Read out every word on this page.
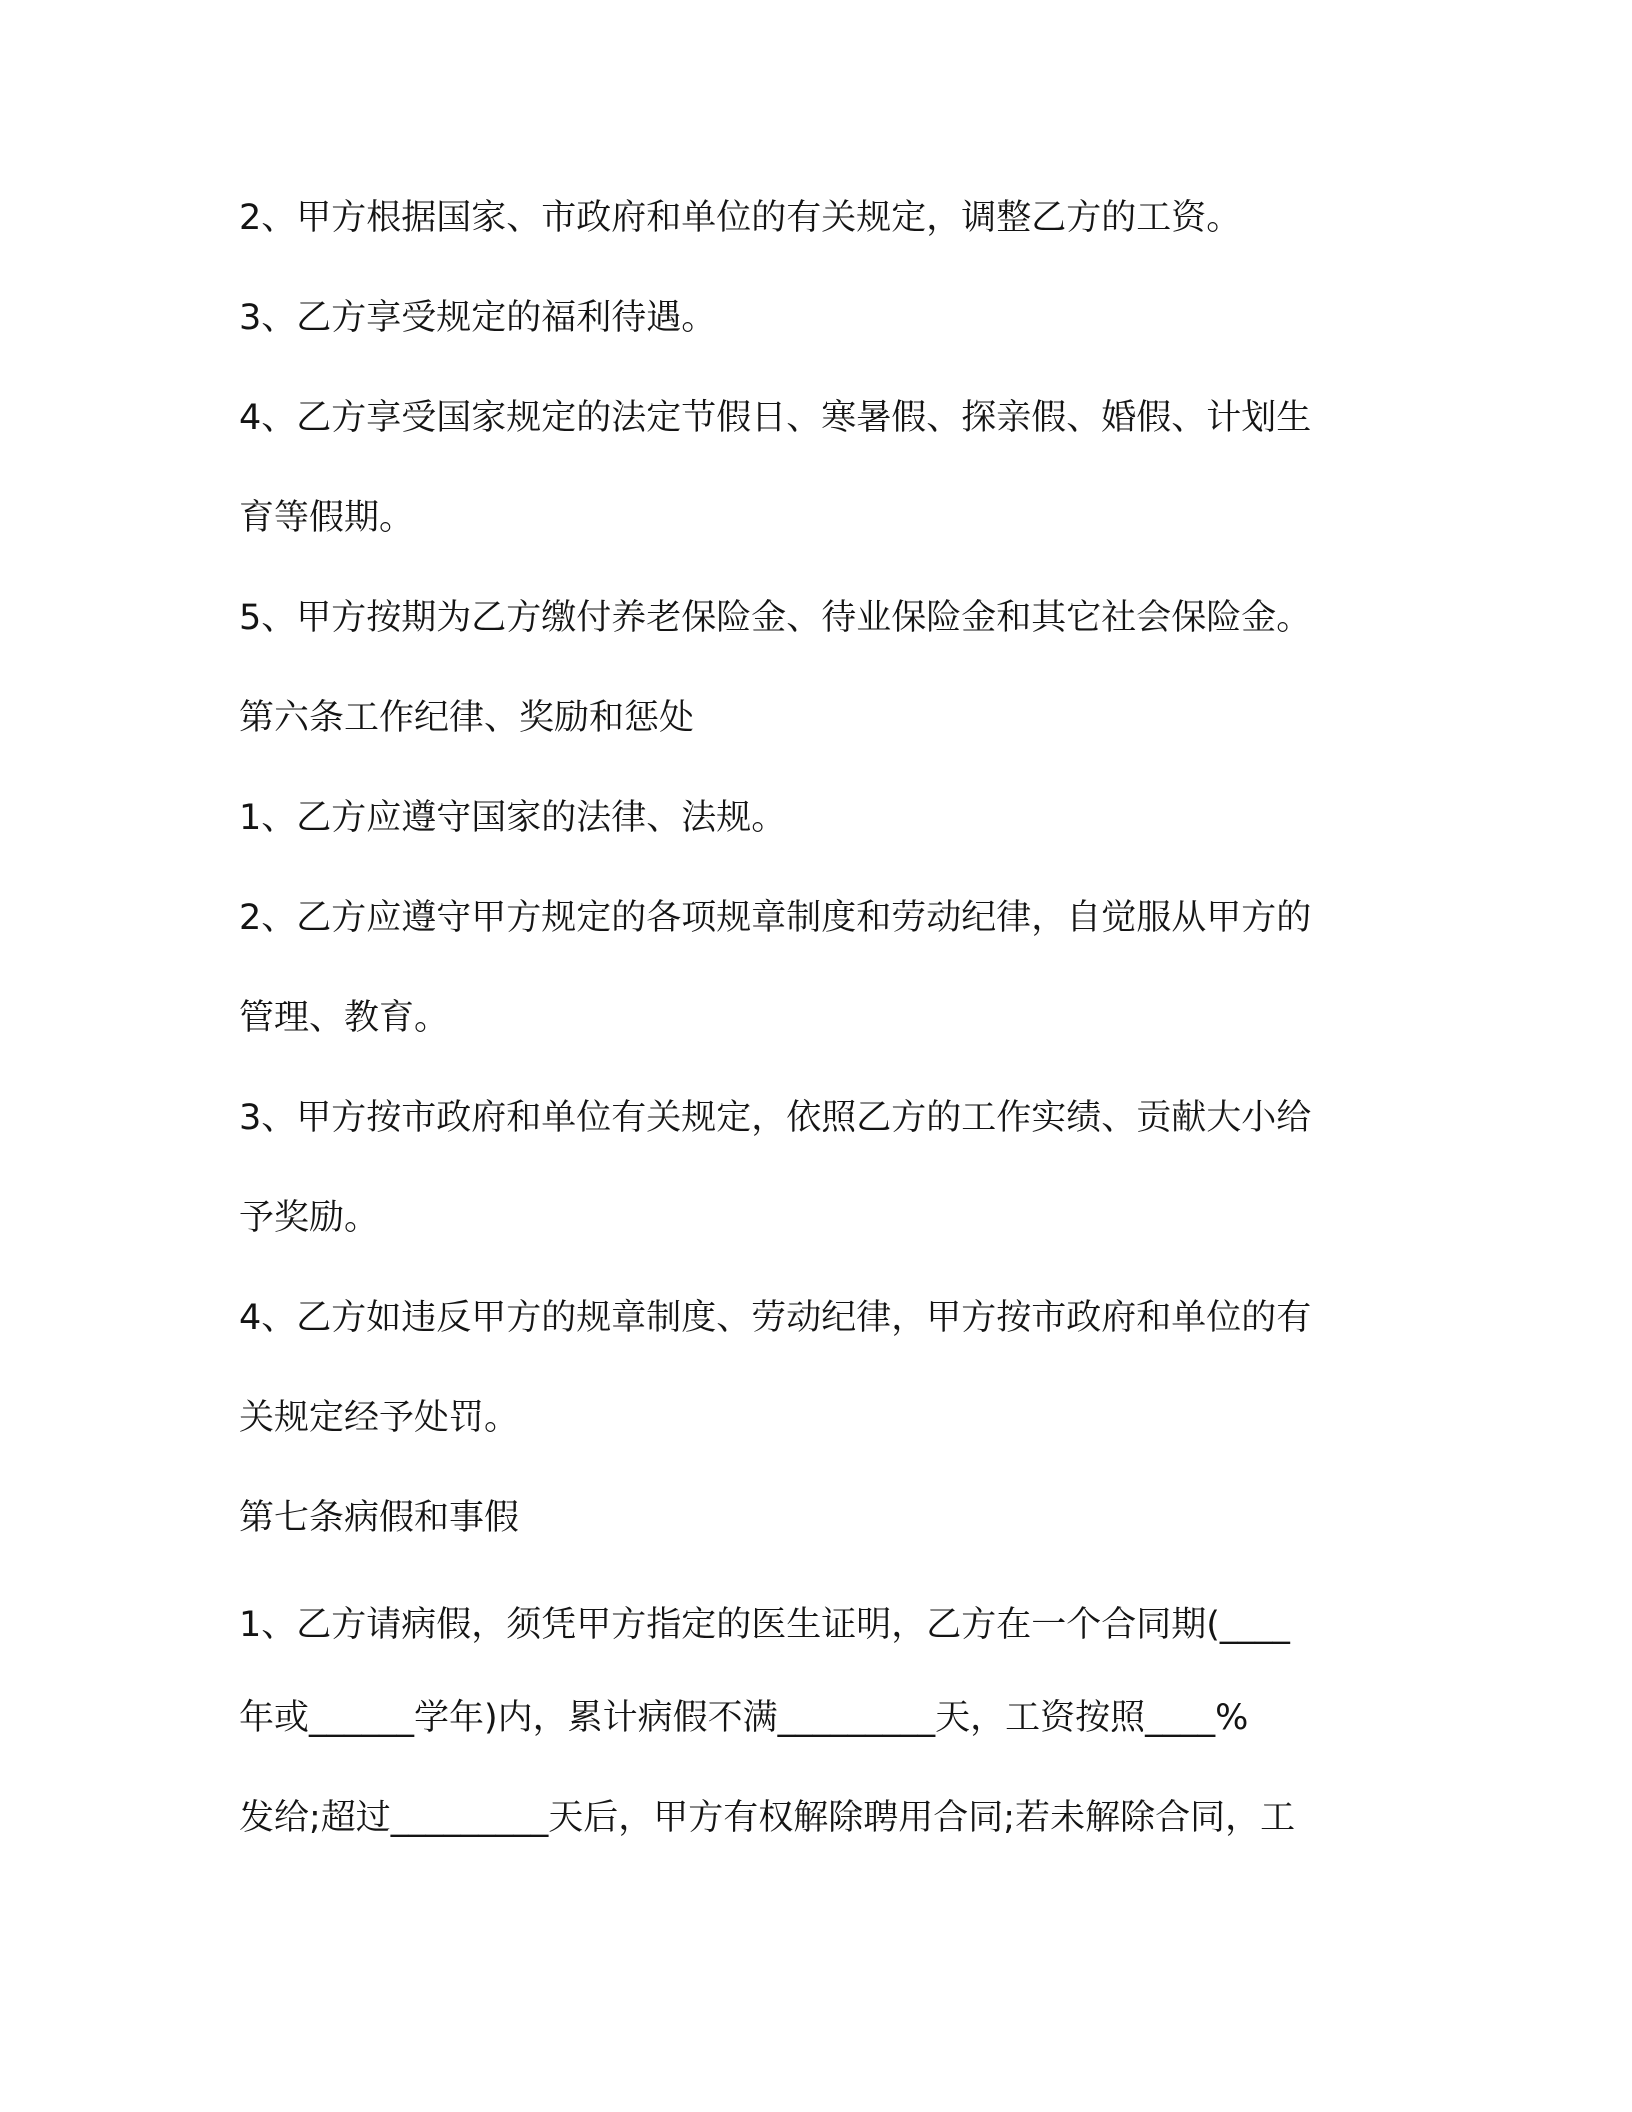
2、甲方根据国家、市政府和单位的有关规定，调整乙方的工资。

3、乙方享受规定的福利待遇。

4、乙方享受国家规定的法定节假日、寒暑假、探亲假、婚假、计划生

育等假期。

5、甲方按期为乙方缴付养老保险金、待业保险金和其它社会保险金。

第六条工作纪律、奖励和惩处

1、乙方应遵守国家的法律、法规。

2、乙方应遵守甲方规定的各项规章制度和劳动纪律，自觉服从甲方的

管理、教育。

3、甲方按市政府和单位有关规定，依照乙方的工作实绩、贡献大小给

予奖励。

4、乙方如违反甲方的规章制度、劳动纪律，甲方按市政府和单位的有

关规定经予处罚。

第七条病假和事假

1、乙方请病假，须凭甲方指定的医生证明，乙方在一个合同期(____

年或______学年)内，累计病假不满_________天，工资按照____%

发给;超过_________天后，甲方有权解除聘用合同;若未解除合同，工
